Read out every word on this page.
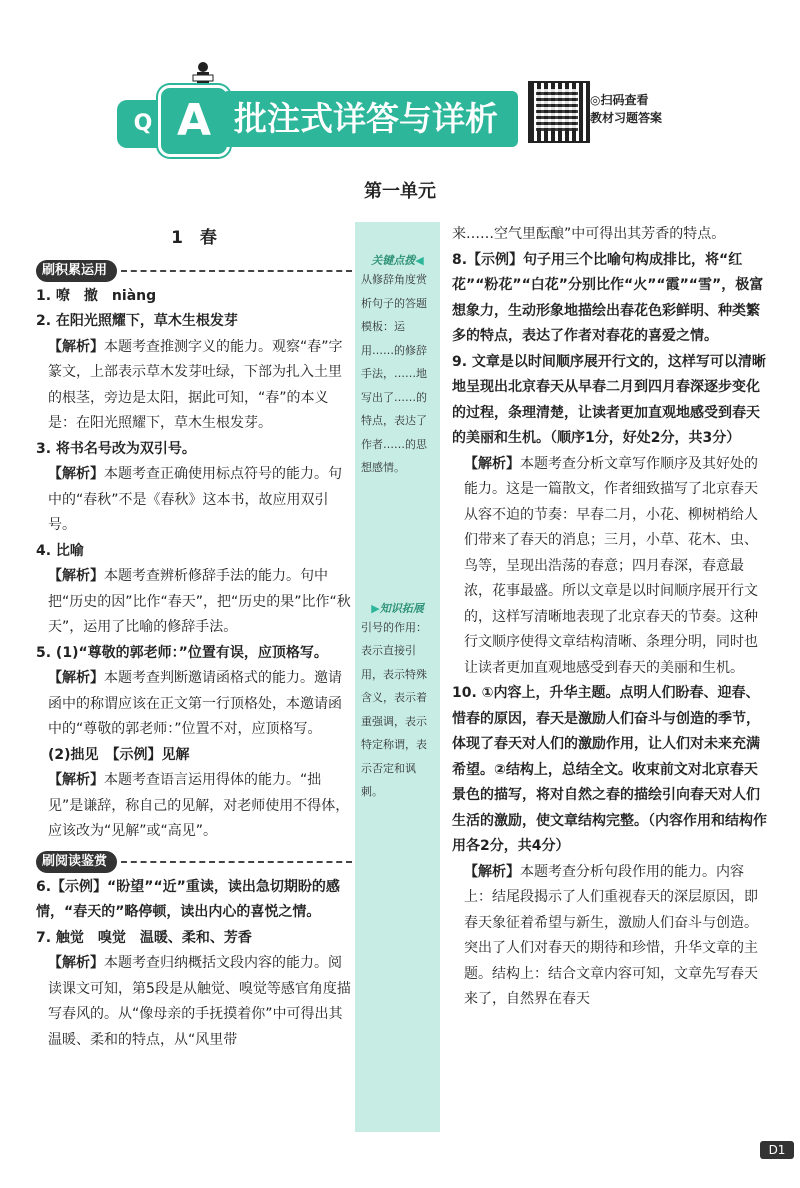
Q A 批注式详答与详析	◎扫码查看
教材习题答案
第一单元
关键点拨◀
从修辞角度赏析句子的答题模板：运用……的修辞手法，……地写出了……的特点，表达了作者……的思想感情。
▶知识拓展
引号的作用：表示直接引用，表示特殊含义，表示着重强调，表示特定称谓，表示否定和讽刺。
1　春
刷积累运用
1. 嘹　撤　niàng
2. 在阳光照耀下，草木生根发芽
【解析】本题考查推测字义的能力。观察“春”字篆文，上部表示草木发芽吐绿，下部为扎入土里的根茎，旁边是太阳，据此可知，“春”的本义是：在阳光照耀下，草木生根发芽。
3. 将书名号改为双引号。
【解析】本题考查正确使用标点符号的能力。句中的“春秋”不是《春秋》这本书，故应用双引号。
4. 比喻
【解析】本题考查辨析修辞手法的能力。句中把“历史的因”比作“春天”，把“历史的果”比作“秋天”，运用了比喻的修辞手法。
5. (1)“尊敬的郭老师：”位置有误，应顶格写。
【解析】本题考查判断邀请函格式的能力。邀请函中的称谓应该在正文第一行顶格处，本邀请函中的“尊敬的郭老师：”位置不对，应顶格写。
(2)拙见　【示例】见解
【解析】本题考查语言运用得体的能力。“拙见”是谦辞，称自己的见解，对老师使用不得体，应该改为“见解”或“高见”。
刷阅读鉴赏
6.【示例】“盼望”“近”重读，读出急切期盼的感情，“春天的”略停顿，读出内心的喜悦之情。
7. 触觉　嗅觉　温暖、柔和、芳香
【解析】本题考查归纳概括文段内容的能力。阅读课文可知，第5段是从触觉、嗅觉等感官角度描写春风的。从“像母亲的手抚摸着你”中可得出其温暖、柔和的特点，从“风里带
来……空气里酝酿”中可得出其芳香的特点。
8.【示例】句子用三个比喻句构成排比，将“红花”“粉花”“白花”分别比作“火”“霞”“雪”，极富想象力，生动形象地描绘出春花色彩鲜明、种类繁多的特点，表达了作者对春花的喜爱之情。
9. 文章是以时间顺序展开行文的，这样写可以清晰地呈现出北京春天从早春二月到四月春深逐步变化的过程，条理清楚，让读者更加直观地感受到春天的美丽和生机。（顺序1分，好处2分，共3分）
【解析】本题考查分析文章写作顺序及其好处的能力。这是一篇散文，作者细致描写了北京春天从容不迫的节奏：早春二月，小花、柳树梢给人们带来了春天的消息；三月，小草、花木、虫、鸟等，呈现出浩荡的春意；四月春深，春意最浓，花事最盛。所以文章是以时间顺序展开行文的，这样写清晰地表现了北京春天的节奏。这种行文顺序使得文章结构清晰、条理分明，同时也让读者更加直观地感受到春天的美丽和生机。
10. ①内容上，升华主题。点明人们盼春、迎春、惜春的原因，春天是激励人们奋斗与创造的季节，体现了春天对人们的激励作用，让人们对未来充满希望。②结构上，总结全文。收束前文对北京春天景色的描写，将对自然之春的描绘引向春天对人们生活的激励，使文章结构完整。（内容作用和结构作用各2分，共4分）
【解析】本题考查分析句段作用的能力。内容上：结尾段揭示了人们重视春天的深层原因，即春天象征着希望与新生，激励人们奋斗与创造。突出了人们对春天的期待和珍惜，升华文章的主题。结构上：结合文章内容可知，文章先写春天来了，自然界在春天
D1
